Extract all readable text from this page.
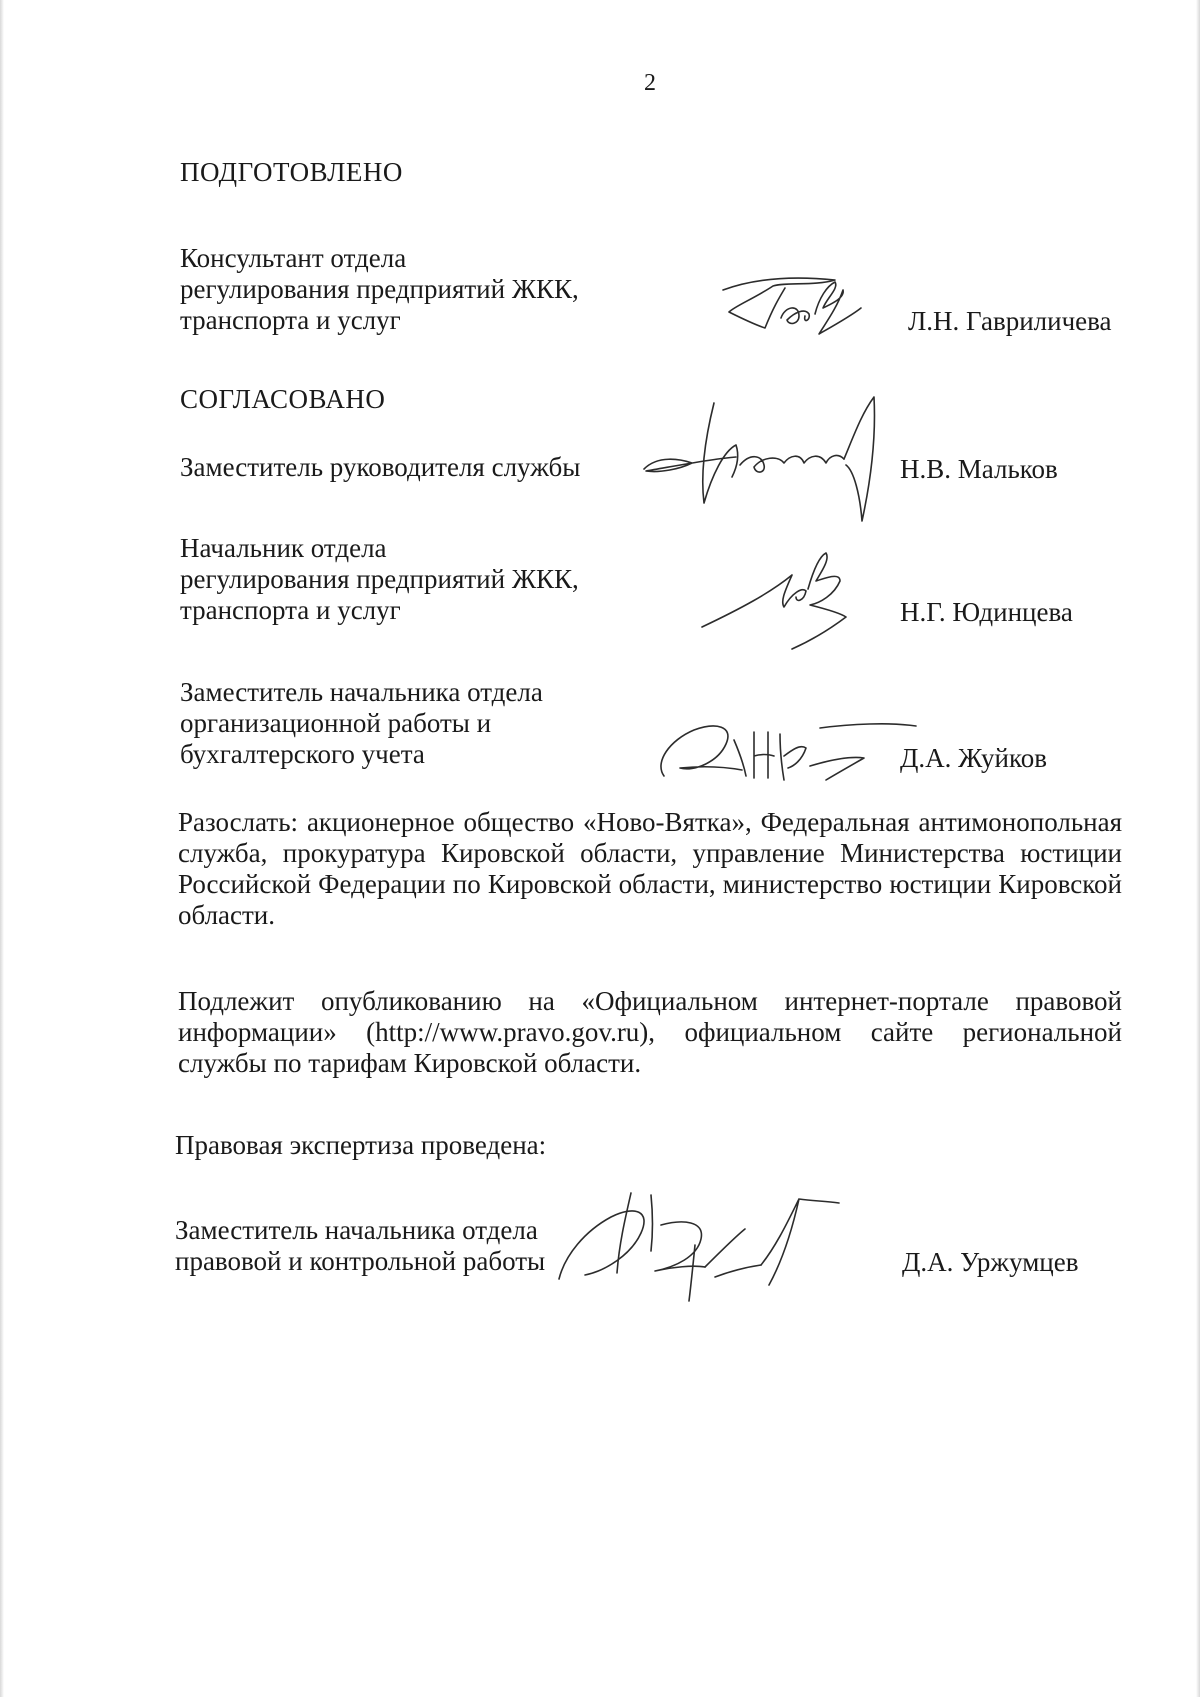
2
ПОДГОТОВЛЕНО
Консультант отдела
регулирования предприятий ЖКК,
транспорта и услуг	Л.Н. Гавриличева
СОГЛАСОВАНО
Заместитель руководителя службы	Н.В. Мальков
Начальник отдела
регулирования предприятий ЖКК,
транспорта и услуг	Н.Г. Юдинцева
Заместитель начальника отдела
организационной работы и
бухгалтерского учета	Д.А. Жуйков
Разослать: акционерное общество «Ново-Вятка», Федеральная антимонопольная служба, прокуратура Кировской области, управление Министерства юстиции Российской Федерации по Кировской области, министерство юстиции Кировской области.
Подлежит опубликованию на «Официальном интернет-портале правовой информации» (http://www.pravo.gov.ru), официальном сайте региональной службы по тарифам Кировской области.
Правовая экспертиза проведена:
Заместитель начальника отдела
правовой и контрольной работы	Д.А. Уржумцев
